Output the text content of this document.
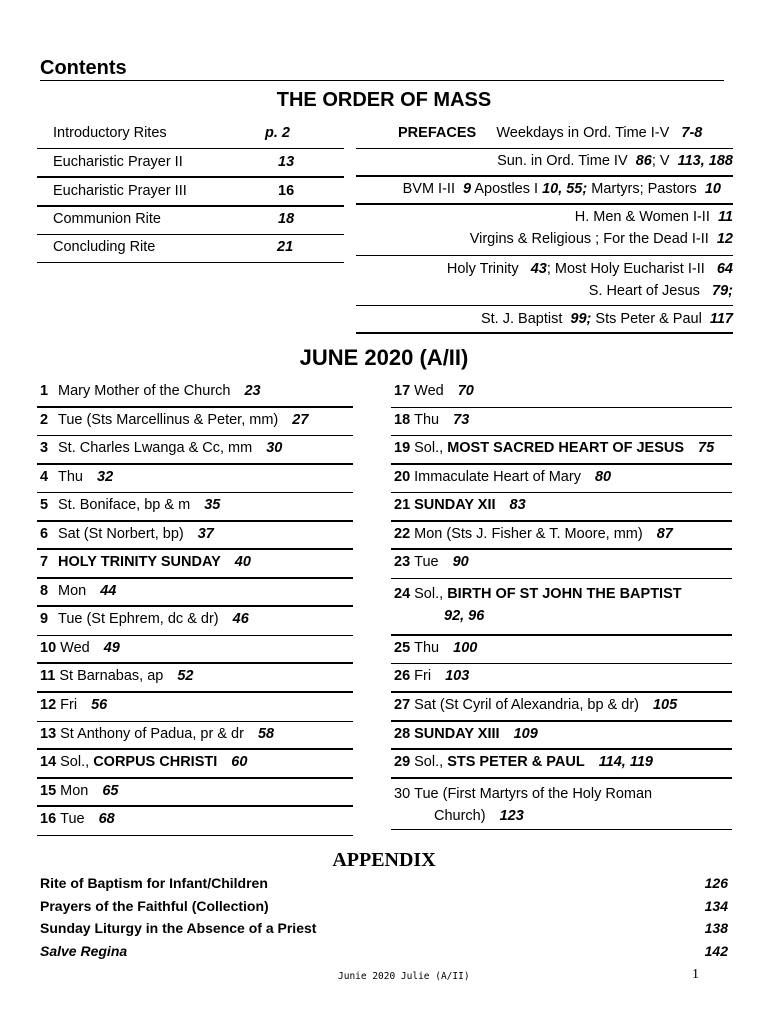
Contents
THE ORDER OF MASS
Introductory Rites	p. 2
Eucharistic Prayer II	13
Eucharistic Prayer III	16
Communion Rite	18
Concluding Rite	21
PREFACES Weekdays in Ord. Time I-V 7-8
Sun. in Ord. Time IV 86; V 113, 188
BVM I-II 9 Apostles I 10, 55; Martyrs; Pastors 10
H. Men & Women I-II 11
Virgins & Religious ; For the Dead I-II 12
Holy Trinity 43; Most Holy Eucharist I-II 64
S. Heart of Jesus 79;
St. J. Baptist 99; Sts Peter & Paul 117
JUNE 2020 (A/II)
1 Mary Mother of the Church 23
2 Tue (Sts Marcellinus & Peter, mm) 27
3 St. Charles Lwanga & Cc, mm 30
4 Thu 32
5 St. Boniface, bp & m 35
6 Sat (St Norbert, bp) 37
7 HOLY TRINITY SUNDAY 40
8 Mon 44
9 Tue (St Ephrem, dc & dr) 46
10 Wed 49
11 St Barnabas, ap 52
12 Fri 56
13 St Anthony of Padua, pr & dr 58
14 Sol., CORPUS CHRISTI 60
15 Mon 65
16 Tue 68
17 Wed 70
18 Thu 73
19 Sol., MOST SACRED HEART OF JESUS 75
20 Immaculate Heart of Mary 80
21 SUNDAY XII 83
22 Mon (Sts J. Fisher & T. Moore, mm) 87
23 Tue 90
24 Sol., BIRTH OF ST JOHN THE BAPTIST
92, 96
25 Thu 100
26 Fri 103
27 Sat (St Cyril of Alexandria, bp & dr) 105
28 SUNDAY XIII 109
29 Sol., STS PETER & PAUL 114, 119
30 Tue (First Martyrs of the Holy Roman
Church) 123
APPENDIX
Rite of Baptism for Infant/Children	126
Prayers of the Faithful (Collection)	134
Sunday Liturgy in the Absence of a Priest	138
Salve Regina	142
Junie 2020 Julie (A/II)	1
